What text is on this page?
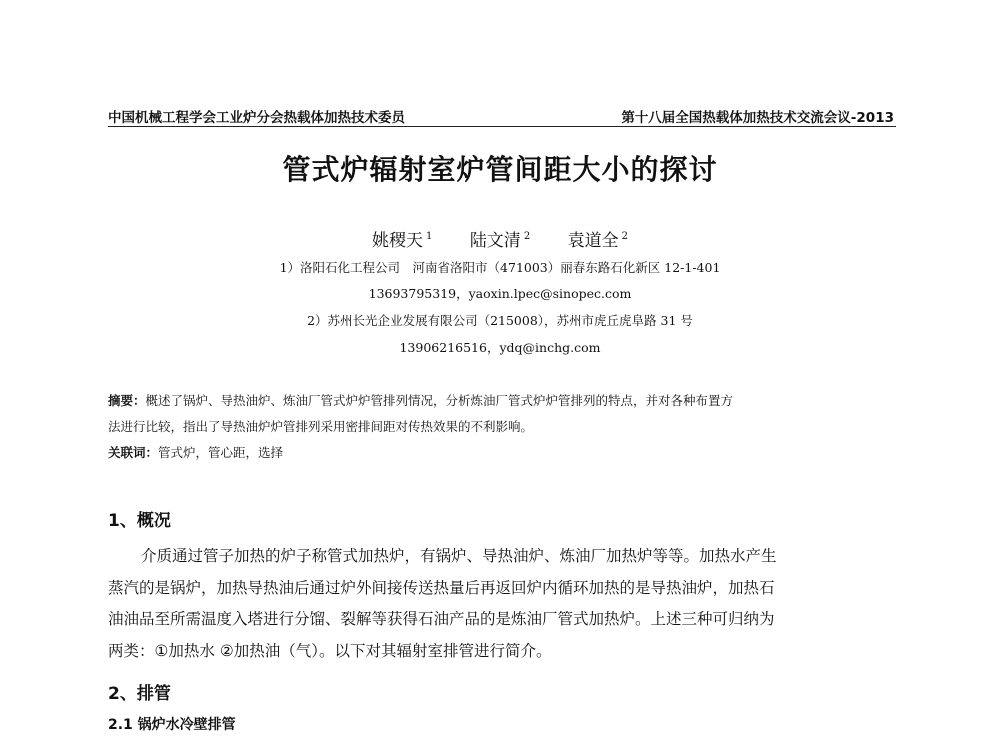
中国机械工程学会工业炉分会热载体加热技术委员	第十八届全国热载体加热技术交流会议-2013
管式炉辐射室炉管间距大小的探讨
姚稷天 $^1$ 陆文清 $^2$ 袁道全 $^2$
1）洛阳石化工程公司　河南省洛阳市（471003）丽春东路石化新区 12-1-401
13693795319，yaoxin.lpec@sinopec.com
2）苏州长光企业发展有限公司（215008），苏州市虎丘虎阜路 31 号
13906216516，ydq@inchg.com
摘要：概述了锅炉、导热油炉、炼油厂管式炉炉管排列情况，分析炼油厂管式炉炉管排列的特点，并对各种布置方
法进行比较，指出了导热油炉炉管排列采用密排间距对传热效果的不利影响。
关联词：管式炉，管心距，选择
1、概况
介质通过管子加热的炉子称管式加热炉，有锅炉、导热油炉、炼油厂加热炉等等。加热水产生
蒸汽的是锅炉，加热导热油后通过炉外间接传送热量后再返回炉内循环加热的是导热油炉，加热石
油油品至所需温度入塔进行分馏、裂解等获得石油产品的是炼油厂管式加热炉。上述三种可归纳为
两类：①加热水 ②加热油（气）。以下对其辐射室排管进行简介。
2、排管
2.1 锅炉水冷壁排管
